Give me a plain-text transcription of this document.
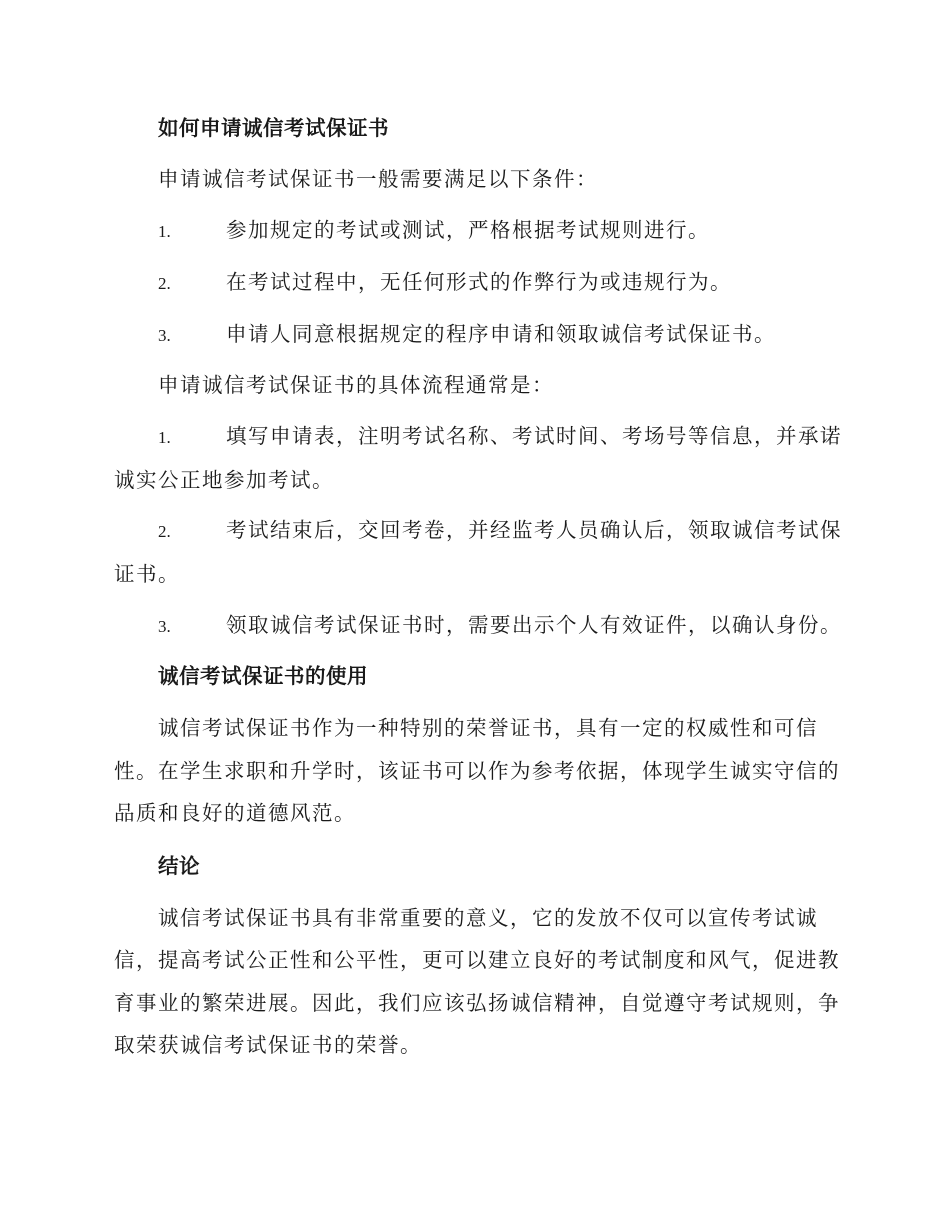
如何申请诚信考试保证书
申请诚信考试保证书一般需要满足以下条件：
1.	参加规定的考试或测试，严格根据考试规则进行。
2.	在考试过程中，无任何形式的作弊行为或违规行为。
3.	申请人同意根据规定的程序申请和领取诚信考试保证书。
申请诚信考试保证书的具体流程通常是：
1.	填写申请表，注明考试名称、考试时间、考场号等信息，并承诺
诚实公正地参加考试。
2.	考试结束后，交回考卷，并经监考人员确认后，领取诚信考试保
证书。
3.	领取诚信考试保证书时，需要出示个人有效证件，以确认身份。
诚信考试保证书的使用
诚信考试保证书作为一种特别的荣誉证书，具有一定的权威性和可信
性。在学生求职和升学时，该证书可以作为参考依据，体现学生诚实守信的
品质和良好的道德风范。
结论
诚信考试保证书具有非常重要的意义，它的发放不仅可以宣传考试诚
信，提高考试公正性和公平性，更可以建立良好的考试制度和风气，促进教
育事业的繁荣进展。因此，我们应该弘扬诚信精神，自觉遵守考试规则，争
取荣获诚信考试保证书的荣誉。
